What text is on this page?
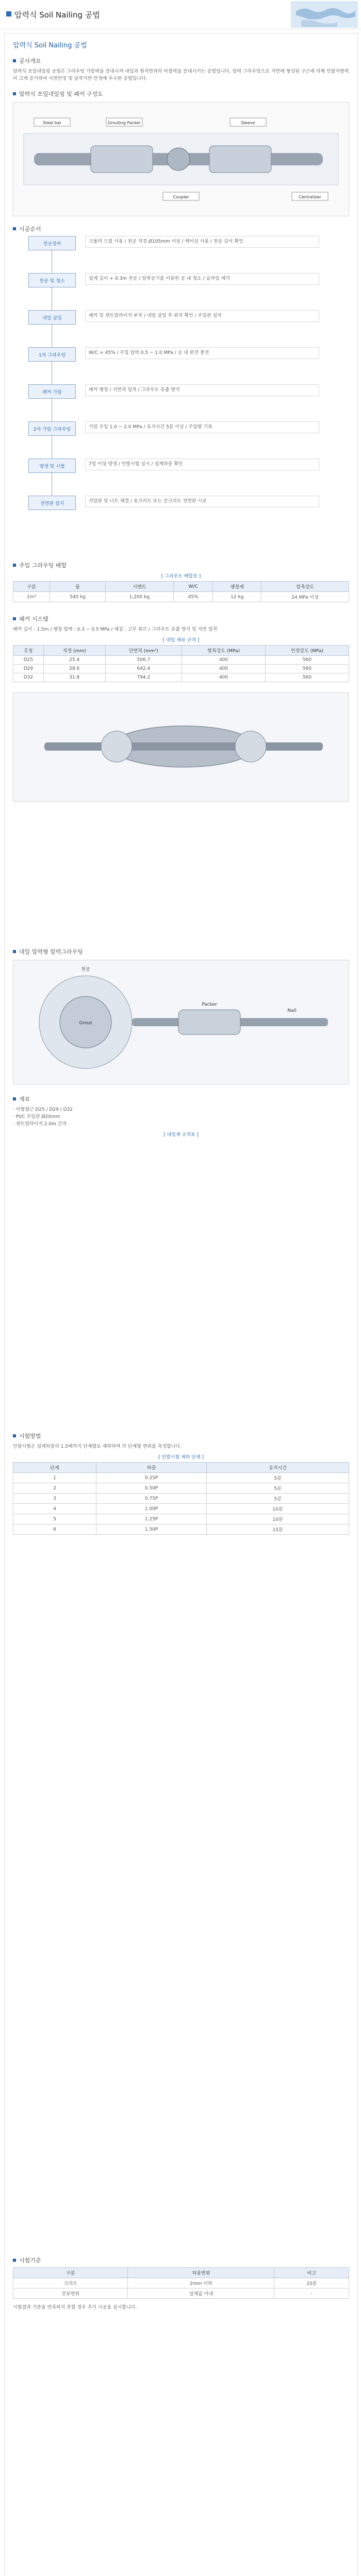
압력식 Soil Nailing 공법
압력식 Soil Nailing 공법
공사개요
압력식 쏘일네일링 공법은 그라우팅 가압력을 증대시켜 네일과 원지반과의 마찰력을 증대시키는 공법입니다. 압력 그라우팅으로 지반에 형성된 구근에 의해 인발저항력이 크게 증가하여 사면안정 및 굴착지반 안정에 우수한 공법입니다.
압력식 쏘일네일링 및 패커 구성도
Steel bar	Grouting Packer
Coupler
Sleeve
Centralizer
시공순서
천공장비	크롤러 드릴 사용 / 천공 직경 Ø105mm 이상 / 케이싱 사용 / 천공 깊이 확인
천공 및 청소	설계 길이 + 0.3m 천공 / 압축공기를 이용한 공 내 청소 / 슬라임 제거
네일 삽입	패커 및 센트럴라이저 부착 / 네일 삽입 후 위치 확인 / 주입관 설치
1차 그라우팅	W/C = 45% / 주입 압력 0.5 ~ 1.0 MPa / 공 내 완전 충전
패커 가압	패커 팽창 / 지반과 밀착 / 그라우트 유출 방지
2차 가압 그라우팅	가압 주입 1.0 ~ 2.0 MPa / 유지시간 5분 이상 / 주입량 기록
양생 및 시험	7일 이상 양생 / 인발시험 실시 / 설계하중 확인
전면판 설치	지압판 및 너트 체결 / 숏크리트 또는 콘크리트 전면판 시공
주입 그라우팅 배합
[ 그라우트 배합표 ]
구분	물	시멘트	W/C	팽창제	압축강도
1m³	540 kg	1,200 kg	45%	12 kg	24 MPa 이상
패커 시스템
패커 길이 : 1.5m / 팽창 압력 : 0.3 ~ 0.5 MPa / 재질 : 고무 튜브 / 그라우트 유출 방지 및 지반 밀착
[ 네일 재료 규격 ]
호칭	직경 (mm)	단면적 (mm²)	항복강도 (MPa)	인장강도 (MPa)
D25	25.4	506.7	400	560
D29	28.6	642.4	400	560
D32	31.8	794.2	400	560
네일 압력형 압력그라우팅
천공
Packer
Nail
Grout
재료
· 이형철근 D25 / D29 / D32
· PVC 주입관 Ø20mm
· 센트럴라이저 2.0m 간격
[ 네일재 규격표 ]
시험방법
인발시험은 설계하중의 1.5배까지 단계별로 재하하며 각 단계별 변위를 측정합니다.
[ 인발시험 재하 단계 ]
단계	하중	유지시간
1	0.25P	5분
2	0.50P	5분
3	0.75P	5분
4	1.00P	10분
5	1.25P	10분
6	1.50P	15분
시험기준
구분	허용변위	비고
크리프	2mm 이하	10분
잔류변위	설계값 이내	-
시험결과 기준을 만족하지 못할 경우 추가 시공을 실시합니다.
